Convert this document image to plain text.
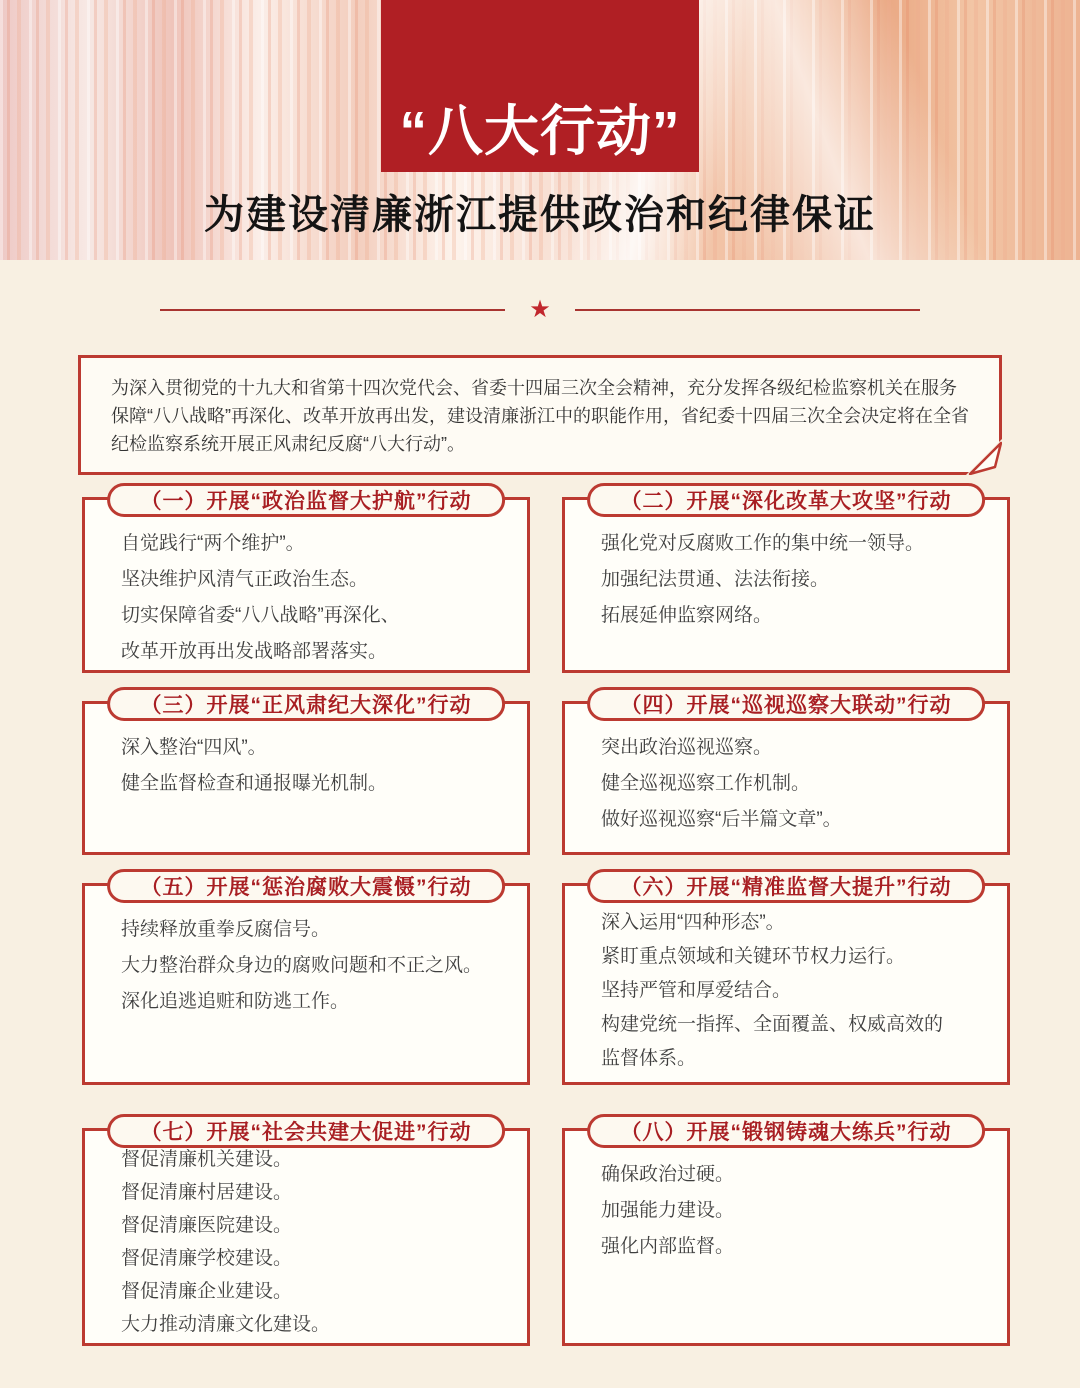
“八大行动”
为建设清廉浙江提供政治和纪律保证
★

为深入贯彻党的十九大和省第十四次党代会、省委十四届三次全会精神，充分发挥各级纪检监察机关在服务保障“八八战略”再深化、改革开放再出发，建设清廉浙江中的职能作用，省纪委十四届三次全会决定将在全省纪检监察系统开展正风肃纪反腐“八大行动”。

（一）开展“政治监督大护航”行动

自觉践行“两个维护”。

坚决维护风清气正政治生态。

切实保障省委“八八战略”再深化、

改革开放再出发战略部署落实。

（二）开展“深化改革大攻坚”行动

强化党对反腐败工作的集中统一领导。

加强纪法贯通、法法衔接。

拓展延伸监察网络。

（三）开展“正风肃纪大深化”行动

深入整治“四风”。

健全监督检查和通报曝光机制。

（四）开展“巡视巡察大联动”行动

突出政治巡视巡察。

健全巡视巡察工作机制。

做好巡视巡察“后半篇文章”。

（五）开展“惩治腐败大震慑”行动

持续释放重拳反腐信号。

大力整治群众身边的腐败问题和不正之风。

深化追逃追赃和防逃工作。

（六）开展“精准监督大提升”行动

深入运用“四种形态”。

紧盯重点领域和关键环节权力运行。

坚持严管和厚爱结合。

构建党统一指挥、全面覆盖、权威高效的

监督体系。

（七）开展“社会共建大促进”行动

督促清廉机关建设。

督促清廉村居建设。

督促清廉医院建设。

督促清廉学校建设。

督促清廉企业建设。

大力推动清廉文化建设。

（八）开展“锻钢铸魂大练兵”行动

确保政治过硬。

加强能力建设。

强化内部监督。
